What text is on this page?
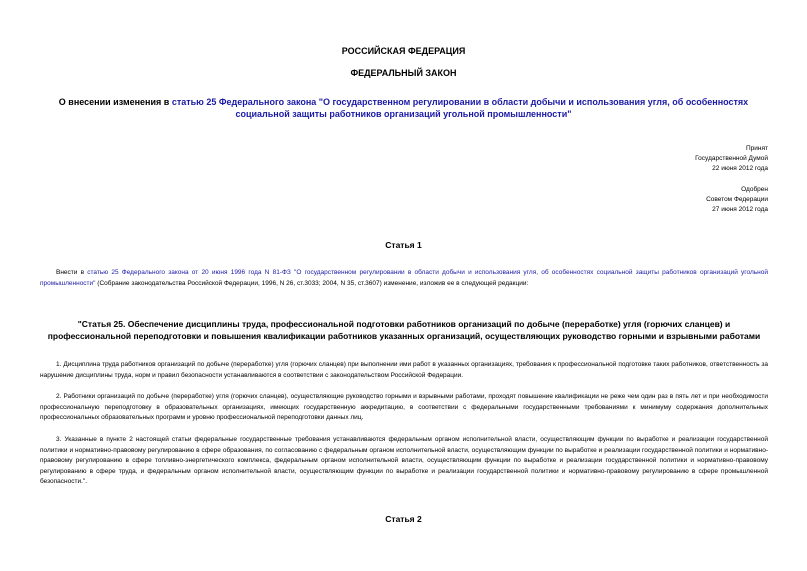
РОССИЙСКАЯ ФЕДЕРАЦИЯ
ФЕДЕРАЛЬНЫЙ ЗАКОН
О внесении изменения в статью 25 Федерального закона "О государственном регулировании в области добычи и использования угля, об особенностях социальной защиты работников организаций угольной промышленности"
Принят
Государственной Думой
22 июня 2012 года
Одобрен
Советом Федерации
27 июня 2012 года
Статья 1
Внести в статью 25 Федерального закона от 20 июня 1996 года N 81-ФЗ "О государственном регулировании в области добычи и использования угля, об особенностях социальной защиты работников организаций угольной промышленности" (Собрание законодательства Российской Федерации, 1996, N 26, ст.3033; 2004, N 35, ст.3607) изменение, изложив ее в следующей редакции:
"Статья 25. Обеспечение дисциплины труда, профессиональной подготовки работников организаций по добыче (переработке) угля (горючих сланцев) и профессиональной переподготовки и повышения квалификации работников указанных организаций, осуществляющих руководство горными и взрывными работами
1. Дисциплина труда работников организаций по добыче (переработке) угля (горючих сланцев) при выполнении ими работ в указанных организациях, требования к профессиональной подготовке таких работников, ответственность за нарушение дисциплины труда, норм и правил безопасности устанавливаются в соответствии с законодательством Российской Федерации.
2. Работники организаций по добыче (переработке) угля (горючих сланцев), осуществляющие руководство горными и взрывными работами, проходят повышение квалификации не реже чем один раз в пять лет и при необходимости профессиональную переподготовку в образовательных организациях, имеющих государственную аккредитацию, в соответствии с федеральными государственными требованиями к минимуму содержания дополнительных профессиональных образовательных программ и уровню профессиональной переподготовки данных лиц.
3. Указанные в пункте 2 настоящей статьи федеральные государственные требования устанавливаются федеральным органом исполнительной власти, осуществляющим функции по выработке и реализации государственной политики и нормативно-правовому регулированию в сфере образования, по согласованию с федеральным органом исполнительной власти, осуществляющим функции по выработке и реализации государственной политики и нормативно-правовому регулированию в сфере топливно-энергетического комплекса, федеральным органом исполнительной власти, осуществляющим функции по выработке и реализации государственной политики и нормативно-правовому регулированию в сфере труда, и федеральным органом исполнительной власти, осуществляющим функции по выработке и реализации государственной политики и нормативно-правовому регулированию в сфере промышленной безопасности.".
Статья 2
